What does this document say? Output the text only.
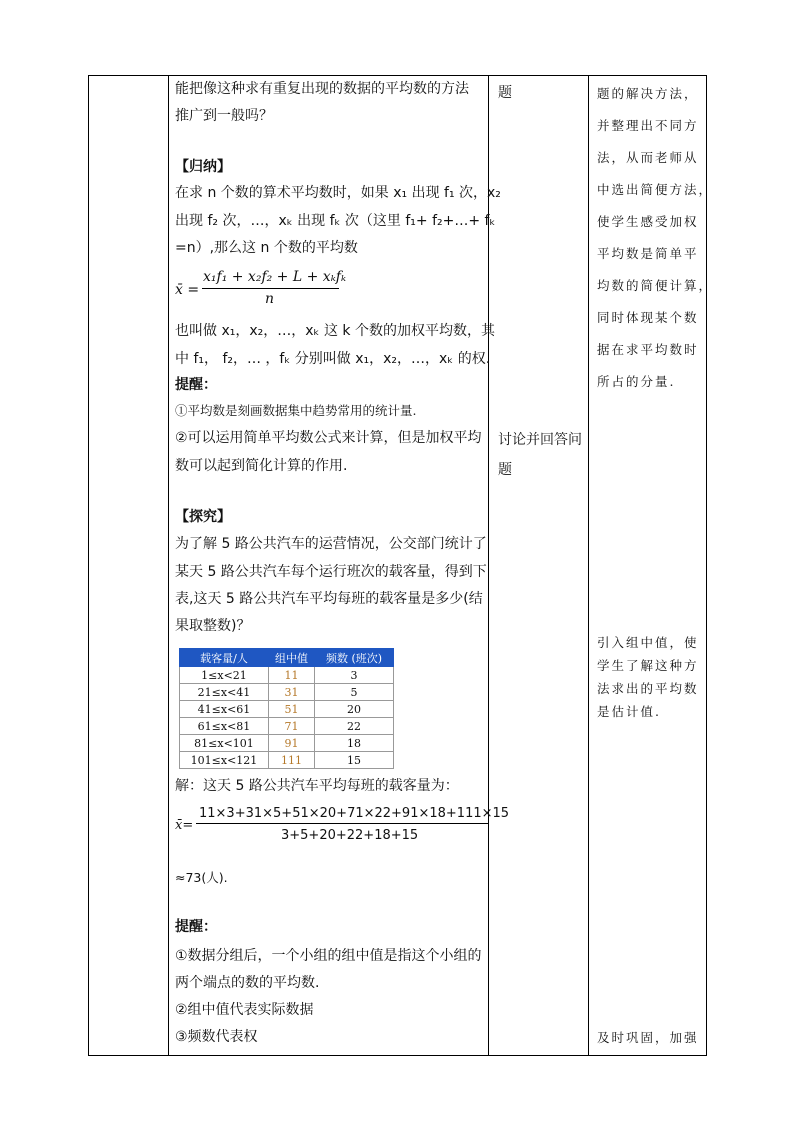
能把像这种求有重复出现的数据的平均数的方法
推广到一般吗？
【归纳】
在求 n 个数的算术平均数时，如果 x₁ 出现 f₁ 次，x₂
出现 f₂ 次，…，xₖ 出现 fₖ 次（这里 f₁+ f₂+…+ fₖ
=n）,那么这 n 个数的平均数
x̄ =
x₁f₁ + x₂f₂ + L + xₖfₖ
n
也叫做 x₁，x₂，…，xₖ 这 k 个数的加权平均数，其
中 f₁， f₂，… ，fₖ 分别叫做 x₁，x₂，…，xₖ 的权.
提醒：
①平均数是刻画数据集中趋势常用的统计量.
②可以运用简单平均数公式来计算，但是加权平均
数可以起到简化计算的作用.
【探究】
为了解 5 路公共汽车的运营情况，公交部门统计了
某天 5 路公共汽车每个运行班次的载客量，得到下
表,这天 5 路公共汽车平均每班的载客量是多少(结
果取整数)？
解：这天 5 路公共汽车平均每班的载客量为：
x̄=
11×3+31×5+51×20+71×22+91×18+111×15
3+5+20+22+18+15
≈73(人).
提醒：
①数据分组后，一个小组的组中值是指这个小组的
两个端点的数的平均数.
②组中值代表实际数据
③频数代表权
题
讨论并回答问
题
题的解决方法，
并整理出不同方
法，从而老师从
中选出简便方法，
使学生感受加权
平均数是简单平
均数的简便计算，
同时体现某个数
据在求平均数时
所占的分量.
引入组中值，使
学生了解这种方
法求出的平均数
是估计值.
及时巩固，加强
载客量/人	组中值	频数 (班次)
1≤x<21	11	3
21≤x<41	31	5
41≤x<61	51	20
61≤x<81	71	22
81≤x<101	91	18
101≤x<121	111	15
